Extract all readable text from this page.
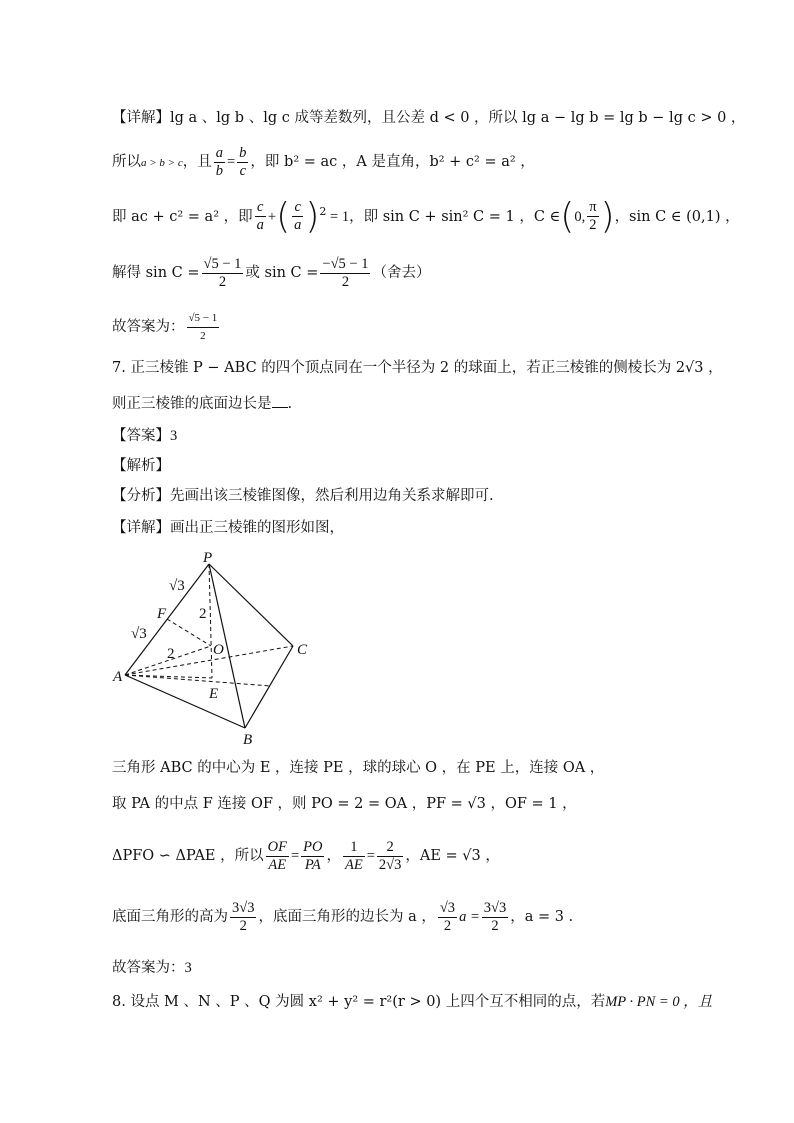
【详解】lg a 、lg b 、lg c 成等差数列，且公差 d < 0 ，所以 lg a − lg b = lg b − lg c > 0 ，
所以a > b > c，且 $\frac{a}{b} = \frac{b}{c}$ ，即 b² = ac ，A 是直角，b² + c² = a² ，
即 ac + c² = a² ，即 $\frac{c}{a}$ +( $\frac{c}{a} )^2 = 1$，即 sin C + sin² C = 1 ，C ∈(0, $\frac{\pi}{2}$ )，sin C ∈ (0,1) ，
解得 $\sin C = \frac{√5 - 1}{2}$ 或 $\sin C = \frac{-√5 - 1}{2}$ （舍去）
故答案为： $\frac{√5 - 1}{2}$
7. 正三棱锥 P − ABC 的四个顶点同在一个半径为 2 的球面上，若正三棱锥的侧棱长为 2√3 ，
则正三棱锥的底面边长是 .
【答案】3
【解析】
【分析】先画出该三棱锥图像，然后利用边角关系求解即可.
【详解】画出正三棱锥的图形如图，
P
A
B
C
O
E
F
√3
√3
2
2
三角形 ABC 的中心为 E ，连接 PE ，球的球心 O ，在 PE 上，连接 OA ，
取 PA 的中点 F 连接 OF ，则 PO = 2 = OA ，PF = √3 ，OF = 1 ，
ΔPFO ∽ ΔPAE ，所以 $\frac{OF}{AE} = \frac{PO}{PA}$ ， $\frac{1}{AE} = \frac{2}{2√3}$ ，AE = √3 ，
底面三角形的高为 $\frac{3√3}{2}$ ，底面三角形的边长为 a ， $\frac{√3}{2}$ $a = \frac{3√3}{2}$ ，a = 3 .
故答案为：3
8. 设点 M 、N 、P 、Q 为圆 x² + y² = r²(r > 0) 上四个互不相同的点，若MP · PN = 0 ，且
